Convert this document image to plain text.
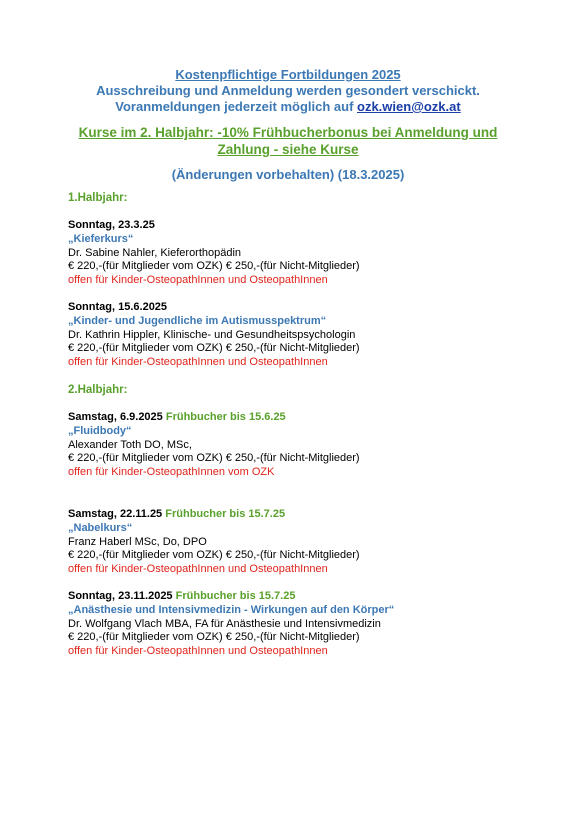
Kostenpflichtige Fortbildungen 2025
Ausschreibung und Anmeldung werden gesondert verschickt.
Voranmeldungen jederzeit möglich auf ozk.wien@ozk.at
Kurse im 2. Halbjahr: -10% Frühbucherbonus bei Anmeldung und
Zahlung - siehe Kurse
(Änderungen vorbehalten) (18.3.2025)
1.Halbjahr:
Sonntag, 23.3.25
„Kieferkurs“
Dr. Sabine Nahler, Kieferorthopädin
€ 220,-(für Mitglieder vom OZK) € 250,-(für Nicht-Mitglieder)
offen für Kinder-OsteopathInnen und OsteopathInnen
Sonntag, 15.6.2025
„Kinder- und Jugendliche im Autismusspektrum“
Dr. Kathrin Hippler, Klinische- und Gesundheitspsychologin
€ 220,-(für Mitglieder vom OZK) € 250,-(für Nicht-Mitglieder)
offen für Kinder-OsteopathInnen und OsteopathInnen
2.Halbjahr:
Samstag, 6.9.2025 Frühbucher bis 15.6.25
„Fluidbody“
Alexander Toth DO, MSc,
€ 220,-(für Mitglieder vom OZK) € 250,-(für Nicht-Mitglieder)
offen für Kinder-OsteopathInnen vom OZK
Samstag, 22.11.25 Frühbucher bis 15.7.25
„Nabelkurs“
Franz Haberl MSc, Do, DPO
€ 220,-(für Mitglieder vom OZK) € 250,-(für Nicht-Mitglieder)
offen für Kinder-OsteopathInnen und OsteopathInnen
Sonntag, 23.11.2025 Frühbucher bis 15.7.25
„Anästhesie und Intensivmedizin - Wirkungen auf den Körper“
Dr. Wolfgang Vlach MBA, FA für Anästhesie und Intensivmedizin
€ 220,-(für Mitglieder vom OZK) € 250,-(für Nicht-Mitglieder)
offen für Kinder-OsteopathInnen und OsteopathInnen
